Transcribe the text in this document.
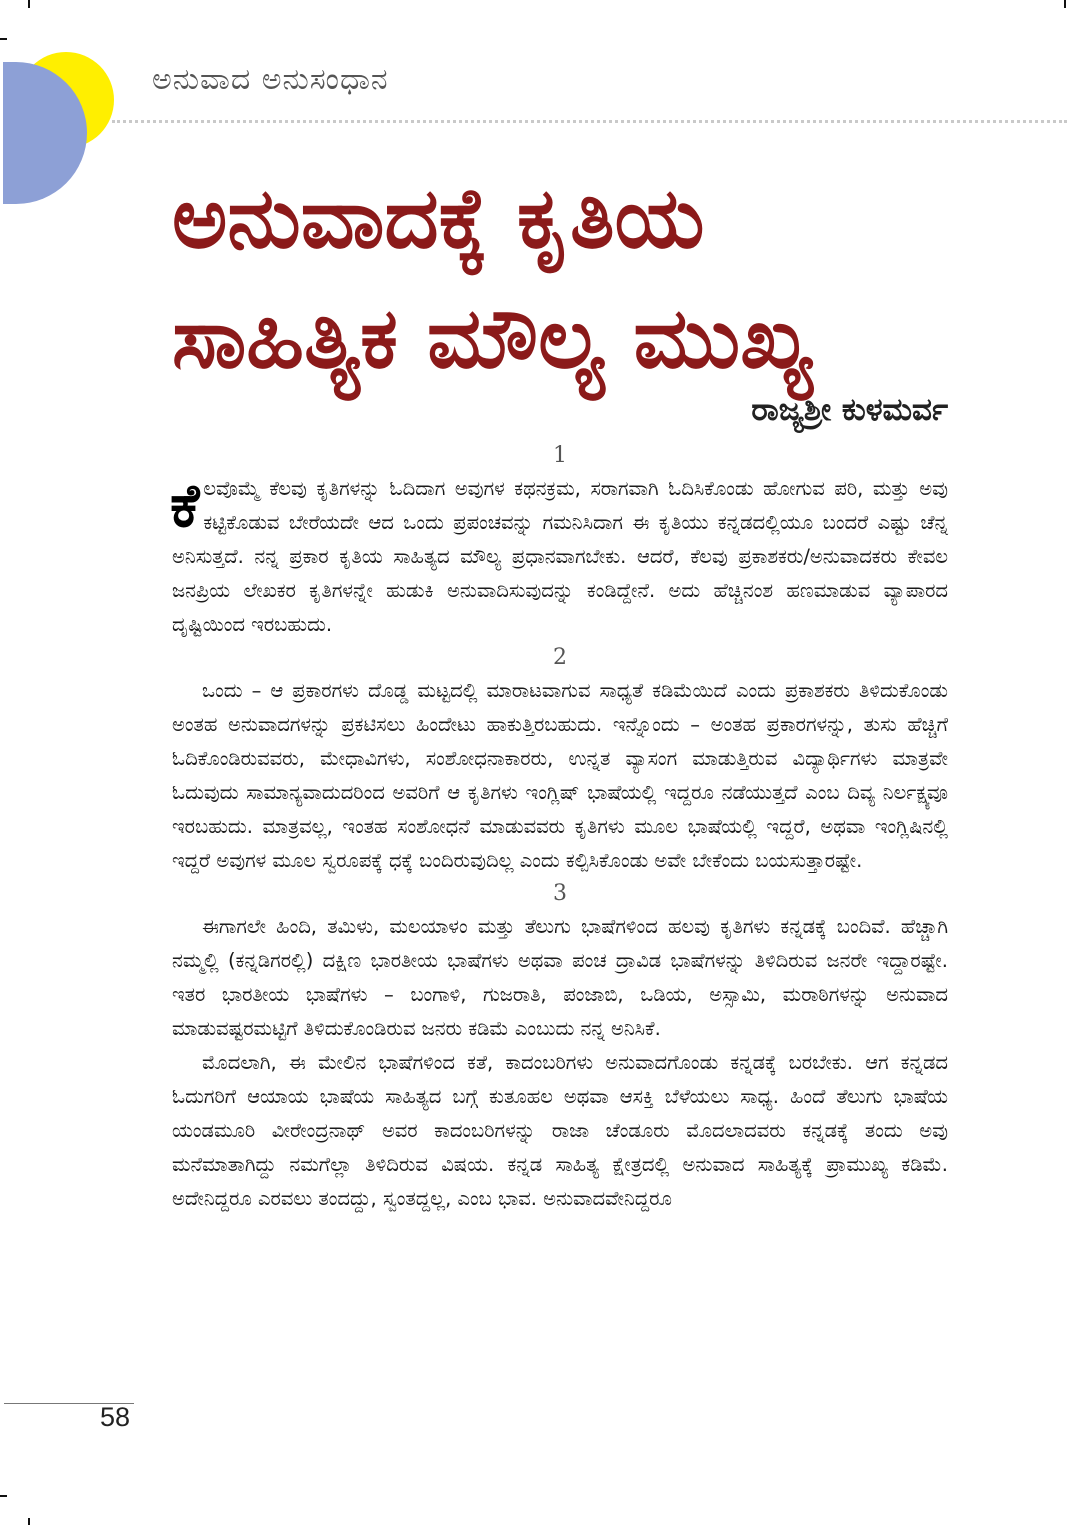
ಅನುವಾದ ಅನುಸಂಧಾನ
ಅನುವಾದಕ್ಕೆ ಕೃತಿಯ
ಸಾಹಿತ್ಯಿಕ ಮೌಲ್ಯ ಮುಖ್ಯ
ರಾಜ್ಯಶ್ರೀ ಕುಳಮರ್ವ
1

ಕೆಲವೊಮ್ಮೆ ಕೆಲವು ಕೃತಿಗಳನ್ನು ಓದಿದಾಗ ಅವುಗಳ ಕಥನಕ್ರಮ, ಸರಾಗವಾಗಿ ಓದಿಸಿಕೊಂಡು ಹೋಗುವ ಪರಿ, ಮತ್ತು ಅವು ಕಟ್ಟಿಕೊಡುವ ಬೇರೆಯದೇ ಆದ ಒಂದು ಪ್ರಪಂಚವನ್ನು ಗಮನಿಸಿದಾಗ ಈ ಕೃತಿಯು ಕನ್ನಡದಲ್ಲಿಯೂ ಬಂದರೆ ಎಷ್ಟು ಚೆನ್ನ ಅನಿಸುತ್ತದೆ. ನನ್ನ ಪ್ರಕಾರ ಕೃತಿಯ ಸಾಹಿತ್ಯದ ಮೌಲ್ಯ ಪ್ರಧಾನವಾಗಬೇಕು. ಆದರೆ, ಕೆಲವು ಪ್ರಕಾಶಕರು/ಅನುವಾದಕರು ಕೇವಲ ಜನಪ್ರಿಯ ಲೇಖಕರ ಕೃತಿಗಳನ್ನೇ ಹುಡುಕಿ ಅನುವಾದಿಸುವುದನ್ನು ಕಂಡಿದ್ದೇನೆ. ಅದು ಹೆಚ್ಚಿನಂಶ ಹಣಮಾಡುವ ವ್ಯಾಪಾರದ ದೃಷ್ಟಿಯಿಂದ ಇರಬಹುದು.

2

ಒಂದು – ಆ ಪ್ರಕಾರಗಳು ದೊಡ್ಡ ಮಟ್ಟದಲ್ಲಿ ಮಾರಾಟವಾಗುವ ಸಾಧ್ಯತೆ ಕಡಿಮೆಯಿದೆ ಎಂದು ಪ್ರಕಾಶಕರು ತಿಳಿದುಕೊಂಡು ಅಂತಹ ಅನುವಾದಗಳನ್ನು ಪ್ರಕಟಿಸಲು ಹಿಂದೇಟು ಹಾಕುತ್ತಿರಬಹುದು. ಇನ್ನೊಂದು – ಅಂತಹ ಪ್ರಕಾರಗಳನ್ನು, ತುಸು ಹೆಚ್ಚಿಗೆ ಓದಿಕೊಂಡಿರುವವರು, ಮೇಧಾವಿಗಳು, ಸಂಶೋಧನಾಕಾರರು, ಉನ್ನತ ವ್ಯಾಸಂಗ ಮಾಡುತ್ತಿರುವ ವಿದ್ಯಾರ್ಥಿಗಳು ಮಾತ್ರವೇ ಓದುವುದು ಸಾಮಾನ್ಯವಾದುದರಿಂದ ಅವರಿಗೆ ಆ ಕೃತಿಗಳು ಇಂಗ್ಲಿಷ್ ಭಾಷೆಯಲ್ಲಿ ಇದ್ದರೂ ನಡೆಯುತ್ತದೆ ಎಂಬ ದಿವ್ಯ ನಿರ್ಲಕ್ಷ್ಯವೂ ಇರಬಹುದು. ಮಾತ್ರವಲ್ಲ, ಇಂತಹ ಸಂಶೋಧನೆ ಮಾಡುವವರು ಕೃತಿಗಳು ಮೂಲ ಭಾಷೆಯಲ್ಲಿ ಇದ್ದರೆ, ಅಥವಾ ಇಂಗ್ಲಿಷಿನಲ್ಲಿ ಇದ್ದರೆ ಅವುಗಳ ಮೂಲ ಸ್ವರೂಪಕ್ಕೆ ಧಕ್ಕೆ ಬಂದಿರುವುದಿಲ್ಲ ಎಂದು ಕಲ್ಪಿಸಿಕೊಂಡು ಅವೇ ಬೇಕೆಂದು ಬಯಸುತ್ತಾರಷ್ಟೇ.

3

ಈಗಾಗಲೇ ಹಿಂದಿ, ತಮಿಳು, ಮಲಯಾಳಂ ಮತ್ತು ತೆಲುಗು ಭಾಷೆಗಳಿಂದ ಹಲವು ಕೃತಿಗಳು ಕನ್ನಡಕ್ಕೆ ಬಂದಿವೆ. ಹೆಚ್ಚಾಗಿ ನಮ್ಮಲ್ಲಿ (ಕನ್ನಡಿಗರಲ್ಲಿ) ದಕ್ಷಿಣ ಭಾರತೀಯ ಭಾಷೆಗಳು ಅಥವಾ ಪಂಚ ದ್ರಾವಿಡ ಭಾಷೆಗಳನ್ನು ತಿಳಿದಿರುವ ಜನರೇ ಇದ್ದಾರಷ್ಟೇ. ಇತರ ಭಾರತೀಯ ಭಾಷೆಗಳು – ಬಂಗಾಳಿ, ಗುಜರಾತಿ, ಪಂಜಾಬಿ, ಒಡಿಯ, ಅಸ್ಸಾಮಿ, ಮರಾಠಿಗಳನ್ನು ಅನುವಾದ ಮಾಡುವಷ್ಟರಮಟ್ಟಿಗೆ ತಿಳಿದುಕೊಂಡಿರುವ ಜನರು ಕಡಿಮೆ ಎಂಬುದು ನನ್ನ ಅನಿಸಿಕೆ.

ಮೊದಲಾಗಿ, ಈ ಮೇಲಿನ ಭಾಷೆಗಳಿಂದ ಕತೆ, ಕಾದಂಬರಿಗಳು ಅನುವಾದಗೊಂಡು ಕನ್ನಡಕ್ಕೆ ಬರಬೇಕು. ಆಗ ಕನ್ನಡದ ಓದುಗರಿಗೆ ಆಯಾಯ ಭಾಷೆಯ ಸಾಹಿತ್ಯದ ಬಗ್ಗೆ ಕುತೂಹಲ ಅಥವಾ ಆಸಕ್ತಿ ಬೆಳೆಯಲು ಸಾಧ್ಯ. ಹಿಂದೆ ತೆಲುಗು ಭಾಷೆಯ ಯಂಡಮೂರಿ ವೀರೇಂದ್ರನಾಥ್ ಅವರ ಕಾದಂಬರಿಗಳನ್ನು ರಾಜಾ ಚೆಂಡೂರು ಮೊದಲಾದವರು ಕನ್ನಡಕ್ಕೆ ತಂದು ಅವು ಮನೆಮಾತಾಗಿದ್ದು ನಮಗೆಲ್ಲಾ ತಿಳಿದಿರುವ ವಿಷಯ. ಕನ್ನಡ ಸಾಹಿತ್ಯ ಕ್ಷೇತ್ರದಲ್ಲಿ ಅನುವಾದ ಸಾಹಿತ್ಯಕ್ಕೆ ಪ್ರಾಮುಖ್ಯ ಕಡಿಮೆ. ಅದೇನಿದ್ದರೂ ಎರವಲು ತಂದದ್ದು, ಸ್ವಂತದ್ದಲ್ಲ, ಎಂಬ ಭಾವ. ಅನುವಾದವೇನಿದ್ದರೂ

58
